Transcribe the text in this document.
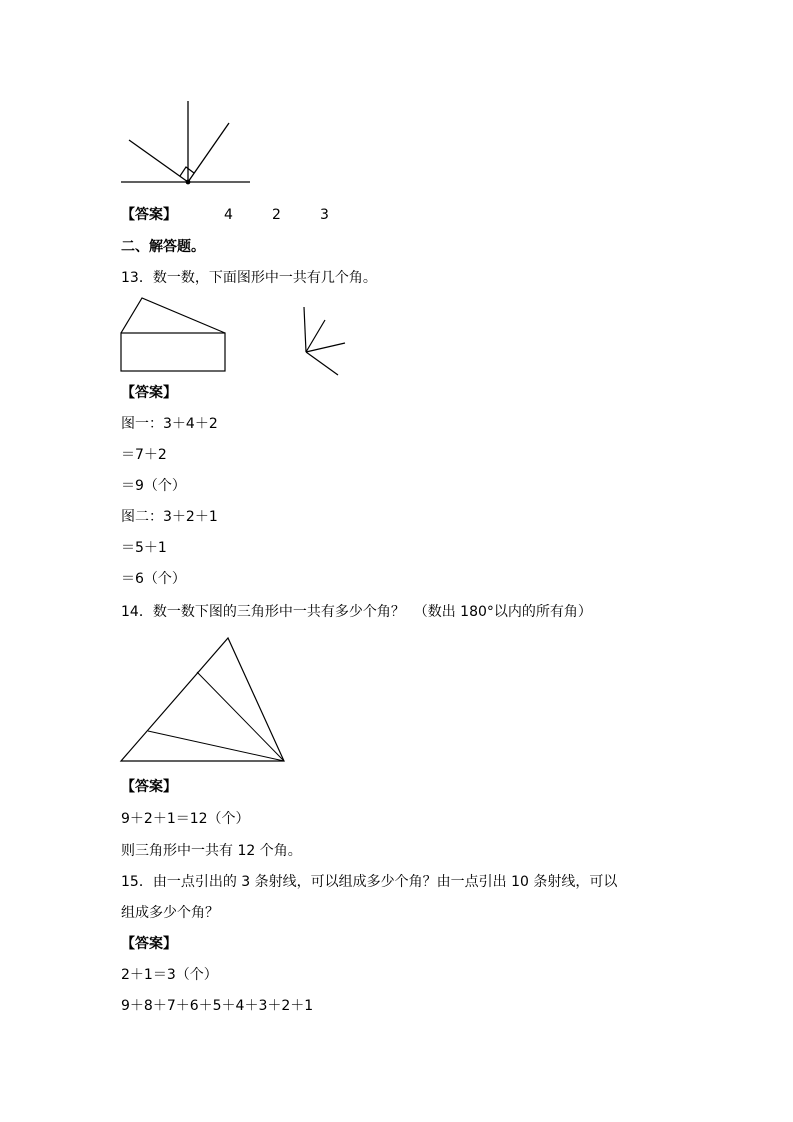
【答案】	4	2	3
二、解答题。
13．数一数，下面图形中一共有几个角。
【答案】
图一：3＋4＋2
＝7＋2
＝9（个）
图二：3＋2＋1
＝5＋1
＝6（个）
14．数一数下图的三角形中一共有多少个角？  （数出 180°以内的所有角）
【答案】
9＋2＋1＝12（个）
则三角形中一共有 12 个角。
15．由一点引出的 3 条射线，可以组成多少个角？由一点引出 10 条射线，可以
组成多少个角？
【答案】
2＋1＝3（个）
9＋8＋7＋6＋5＋4＋3＋2＋1
